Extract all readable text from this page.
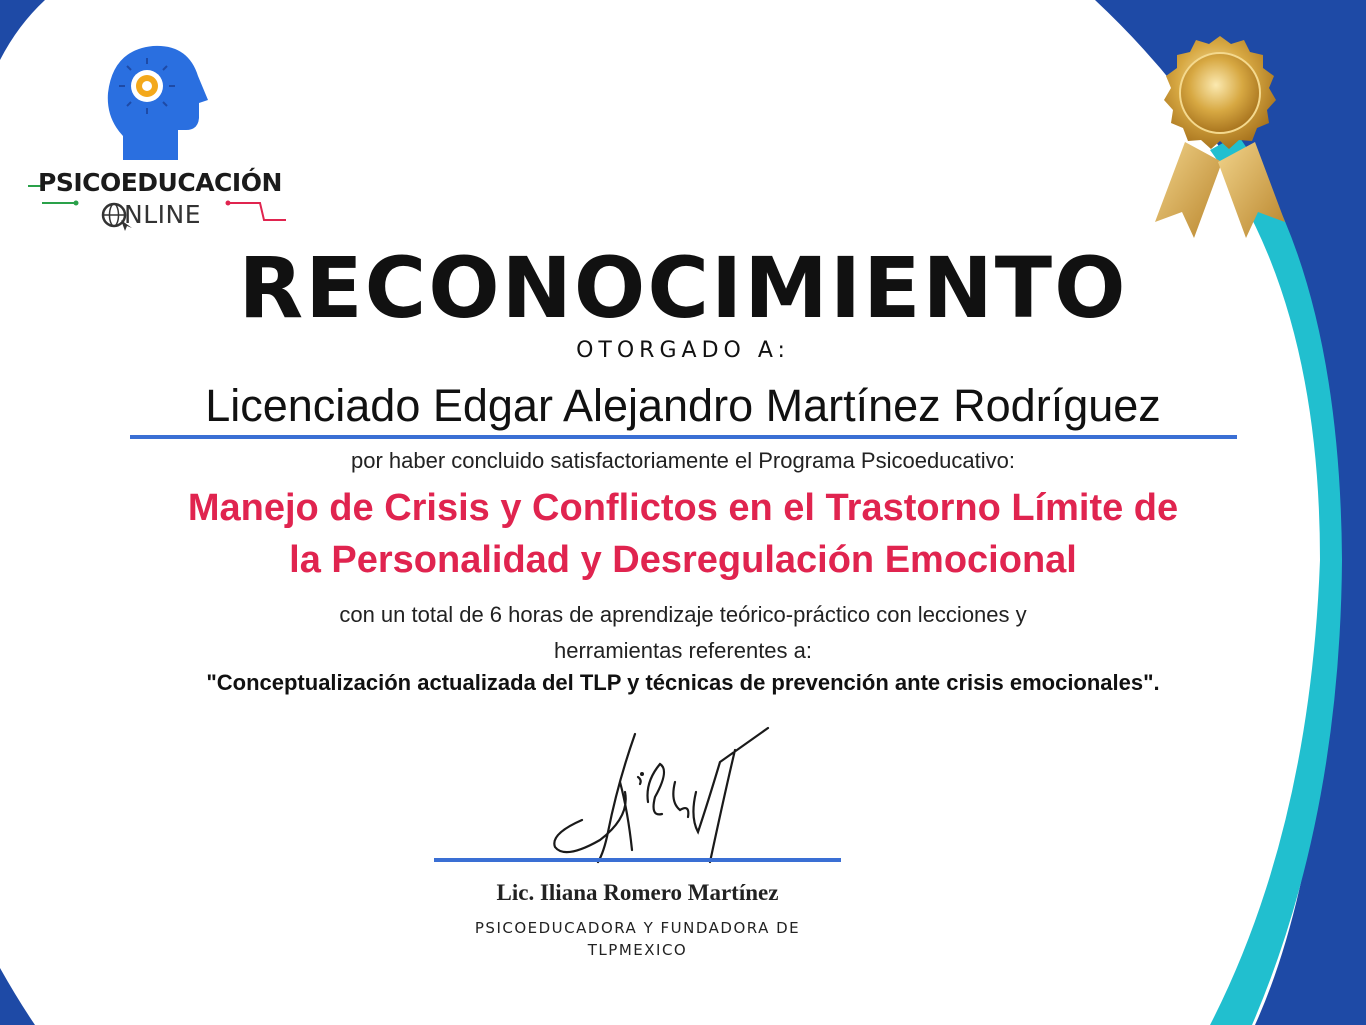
PSICOEDUCACIÓN
NLINE
RECONOCIMIENTO
OTORGADO A:
Licenciado Edgar Alejandro Martínez Rodríguez
por haber concluido satisfactoriamente el Programa Psicoeducativo:
Manejo de Crisis y Conflictos en el Trastorno Límite de
la Personalidad y Desregulación Emocional
con un total de 6 horas de aprendizaje teórico-práctico con lecciones y
herramientas referentes a:
"Conceptualización actualizada del TLP y técnicas de prevención ante crisis emocionales".
Lic. Iliana Romero Martínez
PSICOEDUCADORA Y FUNDADORA DE
TLPMEXICO
